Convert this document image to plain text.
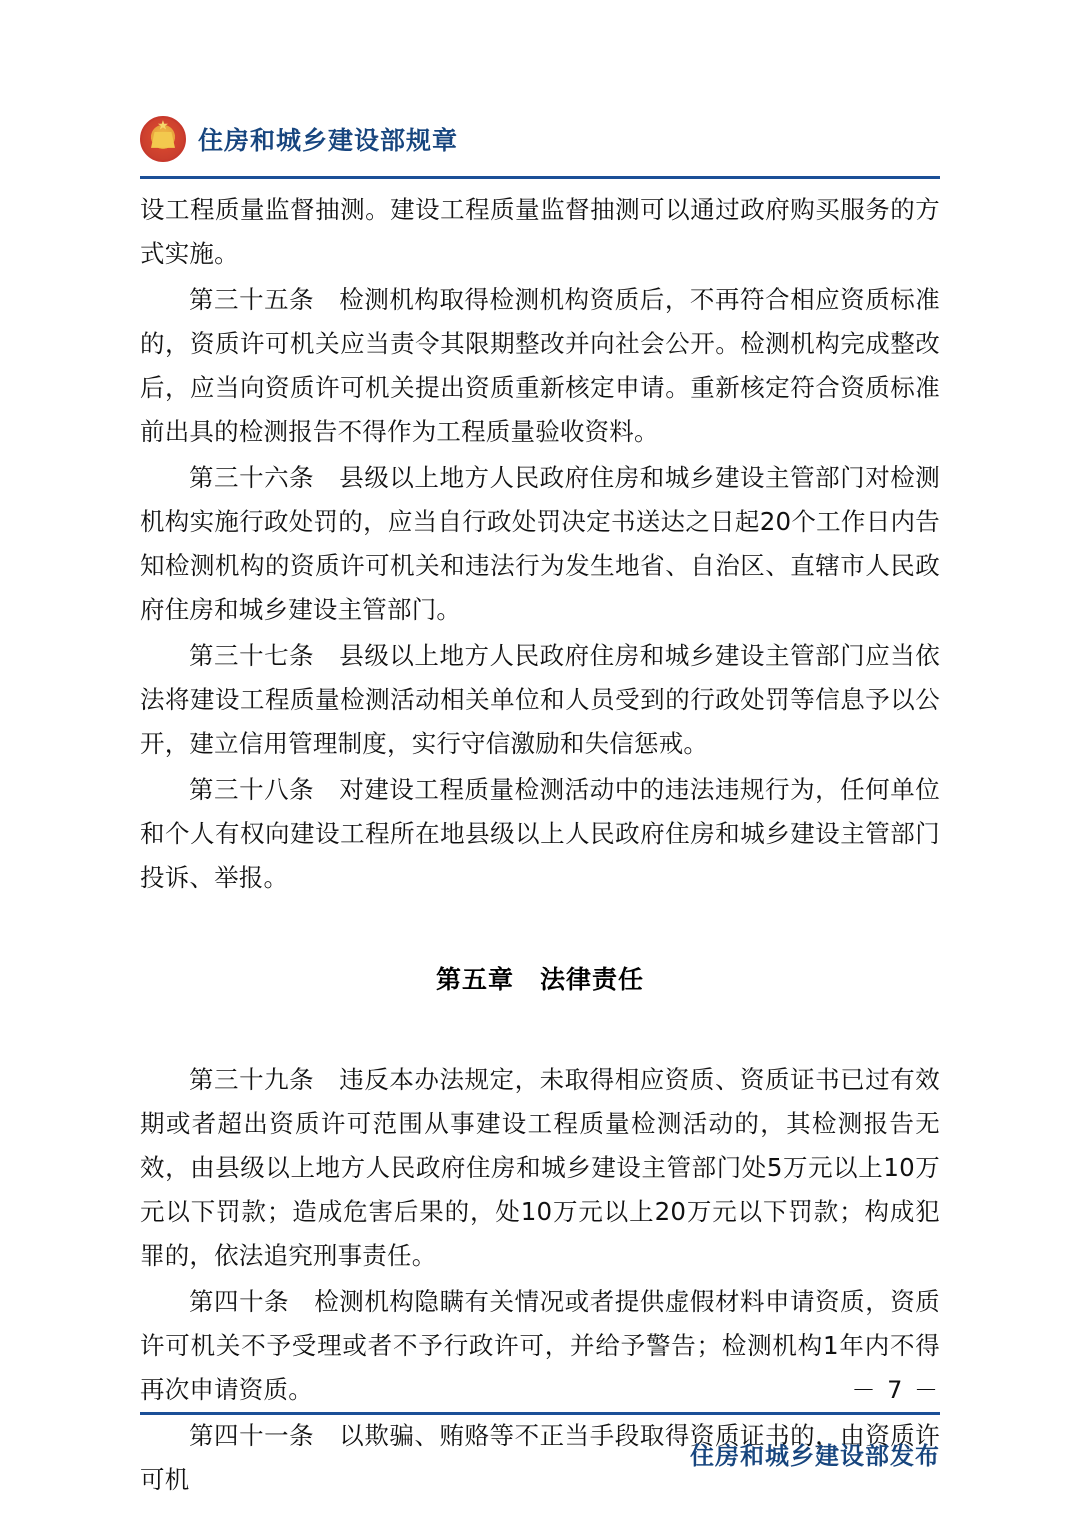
★
住房和城乡建设部规章

设工程质量监督抽测。建设工程质量监督抽测可以通过政府购买服务的方式实施。

第三十五条　检测机构取得检测机构资质后，不再符合相应资质标准的，资质许可机关应当责令其限期整改并向社会公开。检测机构完成整改后，应当向资质许可机关提出资质重新核定申请。重新核定符合资质标准前出具的检测报告不得作为工程质量验收资料。

第三十六条　县级以上地方人民政府住房和城乡建设主管部门对检测机构实施行政处罚的，应当自行政处罚决定书送达之日起20个工作日内告知检测机构的资质许可机关和违法行为发生地省、自治区、直辖市人民政府住房和城乡建设主管部门。

第三十七条　县级以上地方人民政府住房和城乡建设主管部门应当依法将建设工程质量检测活动相关单位和人员受到的行政处罚等信息予以公开，建立信用管理制度，实行守信激励和失信惩戒。

第三十八条　对建设工程质量检测活动中的违法违规行为，任何单位和个人有权向建设工程所在地县级以上人民政府住房和城乡建设主管部门投诉、举报。

第五章　法律责任

第三十九条　违反本办法规定，未取得相应资质、资质证书已过有效期或者超出资质许可范围从事建设工程质量检测活动的，其检测报告无效，由县级以上地方人民政府住房和城乡建设主管部门处5万元以上10万元以下罚款；造成危害后果的，处10万元以上20万元以下罚款；构成犯罪的，依法追究刑事责任。

第四十条　检测机构隐瞒有关情况或者提供虚假材料申请资质，资质许可机关不予受理或者不予行政许可，并给予警告；检测机构1年内不得再次申请资质。

第四十一条　以欺骗、贿赂等不正当手段取得资质证书的，由资质许可机

－ 7 －
住房和城乡建设部发布
